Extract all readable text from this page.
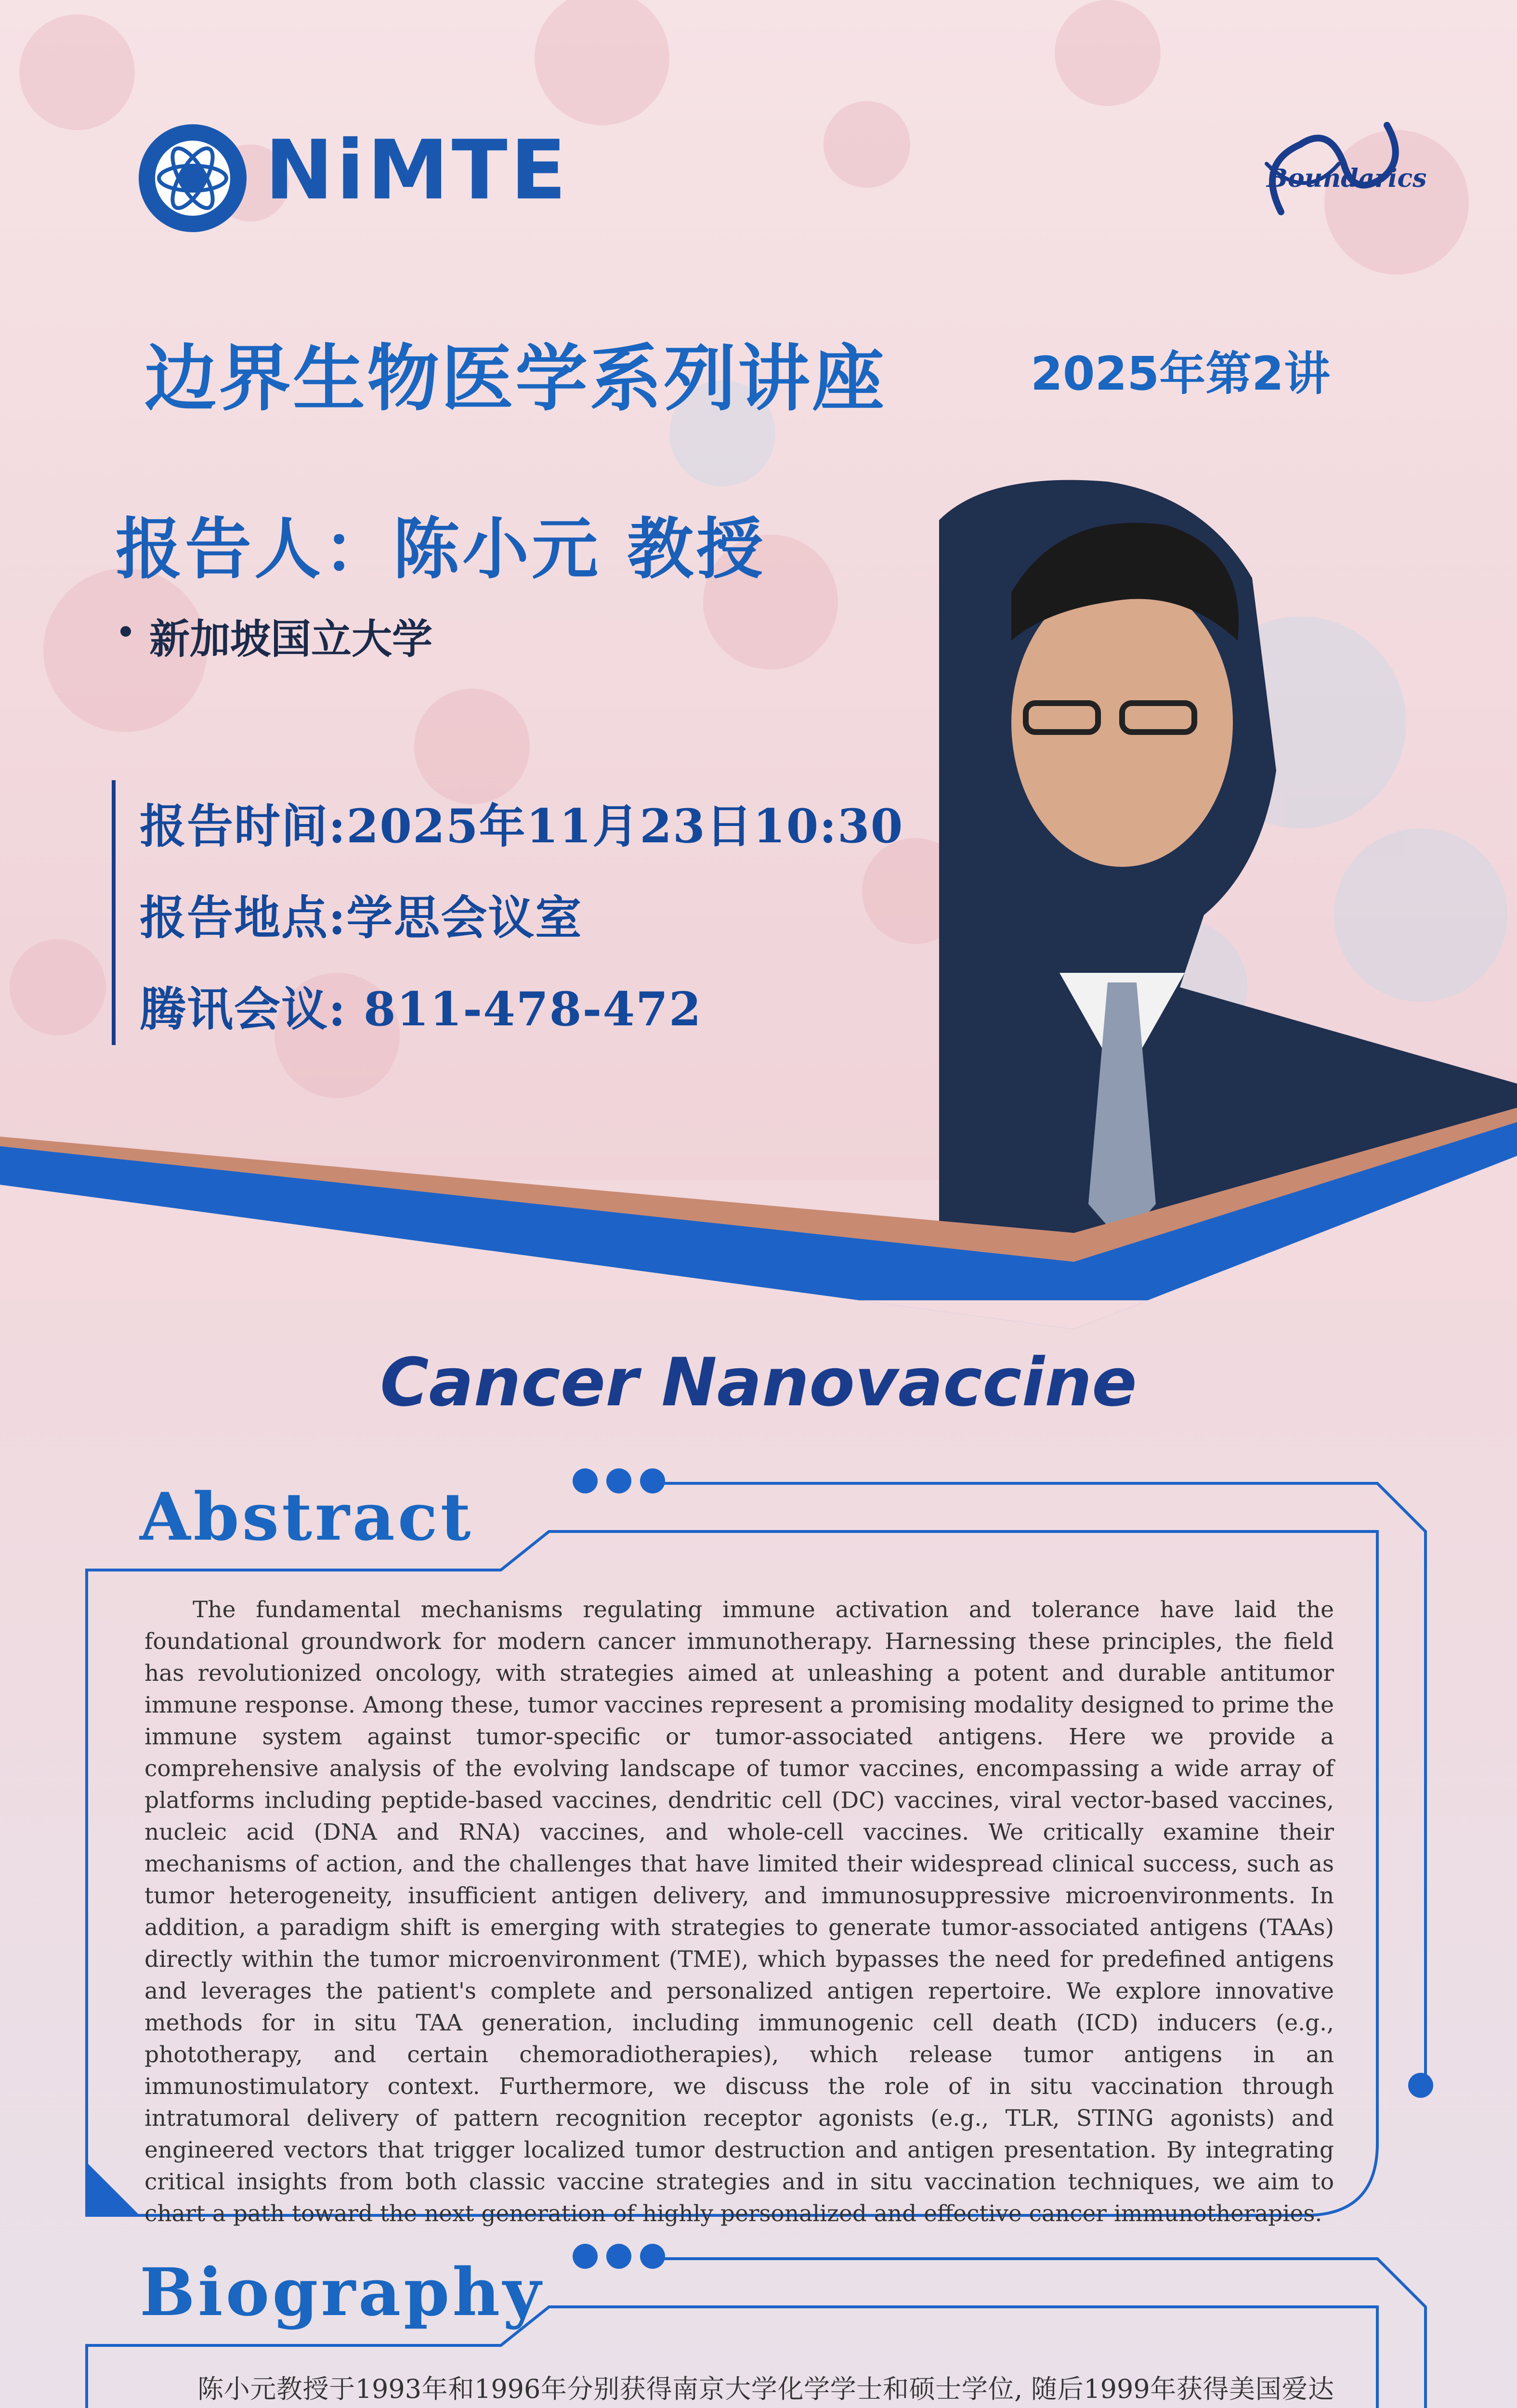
NiMTE	Boundarics
边界生物医学系列讲座	2025年第2讲
报告人：陈小元 教授
新加坡国立大学
报告时间:2025年11月23日10:30
报告地点:学思会议室
腾讯会议: 811-478-472
Cancer Nanovaccine
Abstract
The fundamental mechanisms regulating immune activation and tolerance have laid the foundational groundwork for modern cancer immunotherapy. Harnessing these principles, the field has revolutionized oncology, with strategies aimed at unleashing a potent and durable antitumor immune response. Among these, tumor vaccines represent a promising modality designed to prime the immune system against tumor-specific or tumor-associated antigens. Here we provide a comprehensive analysis of the evolving landscape of tumor vaccines, encompassing a wide array of platforms including peptide-based vaccines, dendritic cell (DC) vaccines, viral vector-based vaccines, nucleic acid (DNA and RNA) vaccines, and whole-cell vaccines. We critically examine their mechanisms of action, and the challenges that have limited their widespread clinical success, such as tumor heterogeneity, insufficient antigen delivery, and immunosuppressive microenvironments. In addition, a paradigm shift is emerging with strategies to generate tumor-associated antigens (TAAs) directly within the tumor microenvironment (TME), which bypasses the need for predefined antigens and leverages the patient's complete and personalized antigen repertoire. We explore innovative methods for in situ TAA generation, including immunogenic cell death (ICD) inducers (e.g., phototherapy, and certain chemoradiotherapies), which release tumor antigens in an immunostimulatory context. Furthermore, we discuss the role of in situ vaccination through intratumoral delivery of pattern recognition receptor agonists (e.g., TLR, STING agonists) and engineered vectors that trigger localized tumor destruction and antigen presentation. By integrating critical insights from both classic vaccine strategies and in situ vaccination techniques, we aim to chart a path toward the next generation of highly personalized and effective cancer immunotherapies.
Biography
陈小元教授于1993年和1996年分别获得南京大学化学学士和硕士学位, 随后1999年获得美国爱达
